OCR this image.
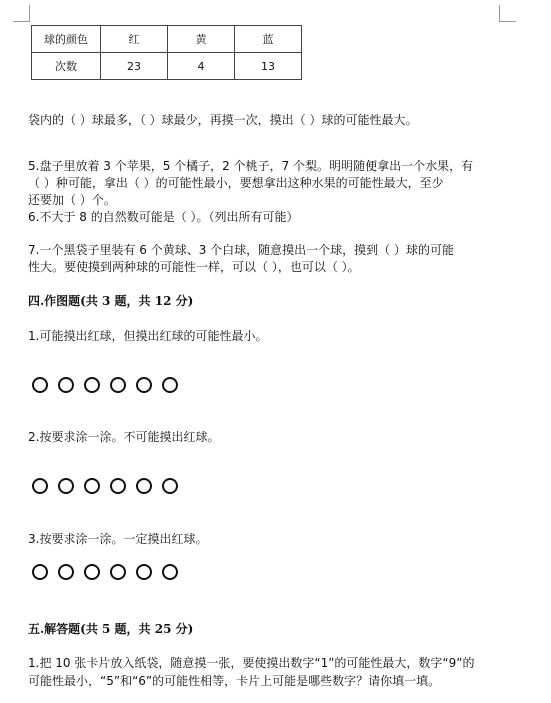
球的颜色	红	黄	蓝
次数	23	4	13
袋内的（ ）球最多，（ ）球最少，再摸一次，摸出（ ）球的可能性最大。
5.盘子里放着 3 个苹果，5 个橘子，2 个桃子，7 个梨。明明随便拿出一个水果，有
（ ）种可能，拿出（ ）的可能性最小，要想拿出这种水果的可能性最大，至少
还要加（ ）个。
6.不大于 8 的自然数可能是（ ）。（列出所有可能）
7.一个黑袋子里装有 6 个黄球、3 个白球，随意摸出一个球，摸到（ ）球的可能
性大。要使摸到两种球的可能性一样，可以（ ），也可以（ ）。
四.作图题(共 3 题，共 12 分)
1.可能摸出红球，但摸出红球的可能性最小。
2.按要求涂一涂。不可能摸出红球。
3.按要求涂一涂。一定摸出红球。
五.解答题(共 5 题，共 25 分)
1.把 10 张卡片放入纸袋，随意摸一张，要使摸出数字“1”的可能性最大，数字“9”的
可能性最小，“5”和“6”的可能性相等，卡片上可能是哪些数字？请你填一填。
